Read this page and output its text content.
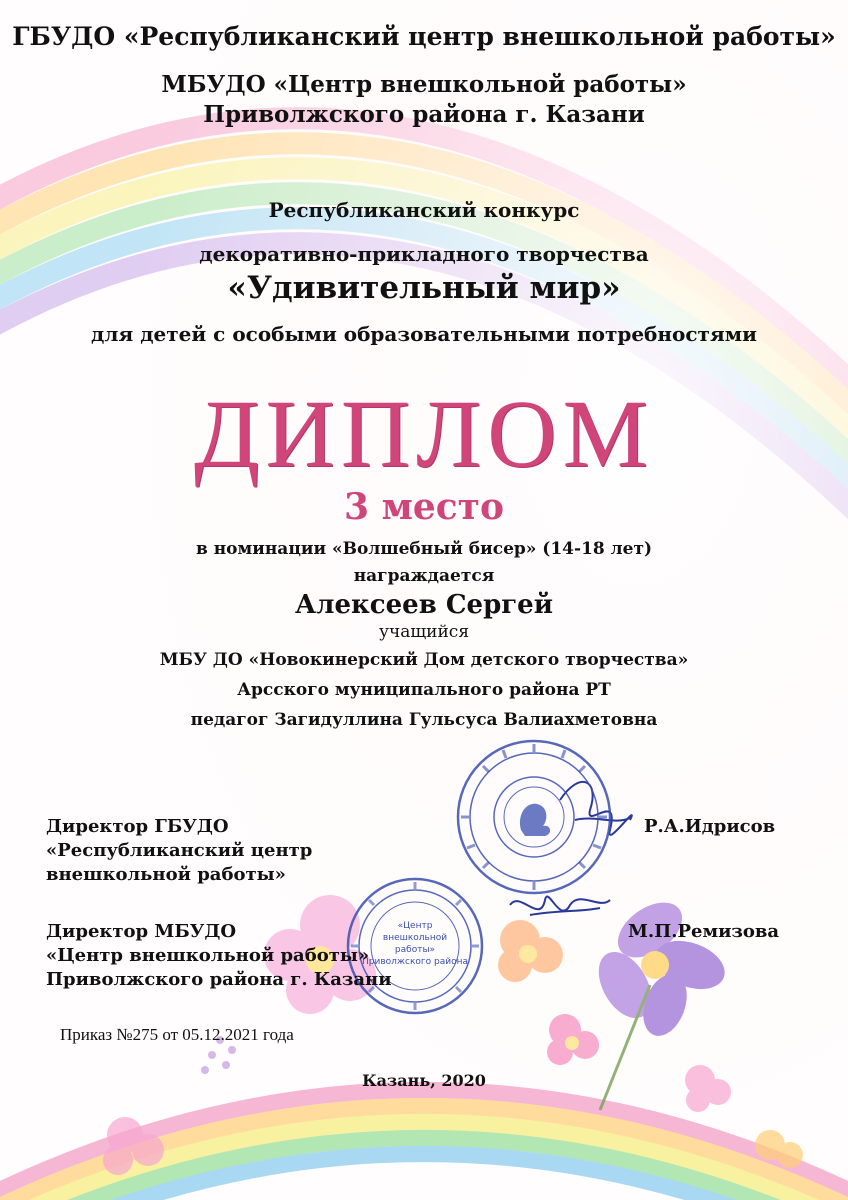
«Центр
внешкольной
работы»
Приволжского района
ГБУДО «Республиканский центр внешкольной работы»
МБУДО «Центр внешкольной работы»
Приволжского района г. Казани
Республиканский конкурс
декоративно-прикладного творчества
«Удивительный мир»
для детей с особыми образовательными потребностями
ДИПЛОМ
3 место
в номинации «Волшебный бисер» (14-18 лет)
награждается
Алексеев Сергей
учащийся
МБУ ДО «Новокинерский Дом детского творчества»
Арсского муниципального района РТ
педагог Загидуллина Гульсуса Валиахметовна
Директор ГБУДО
«Республиканский центр
внешкольной работы»
Р.А.Идрисов
Директор МБУДО
«Центр внешкольной работы»
Приволжского района г. Казани
М.П.Ремизова
Приказ №275 от 05.12.2021 года
Казань, 2020
